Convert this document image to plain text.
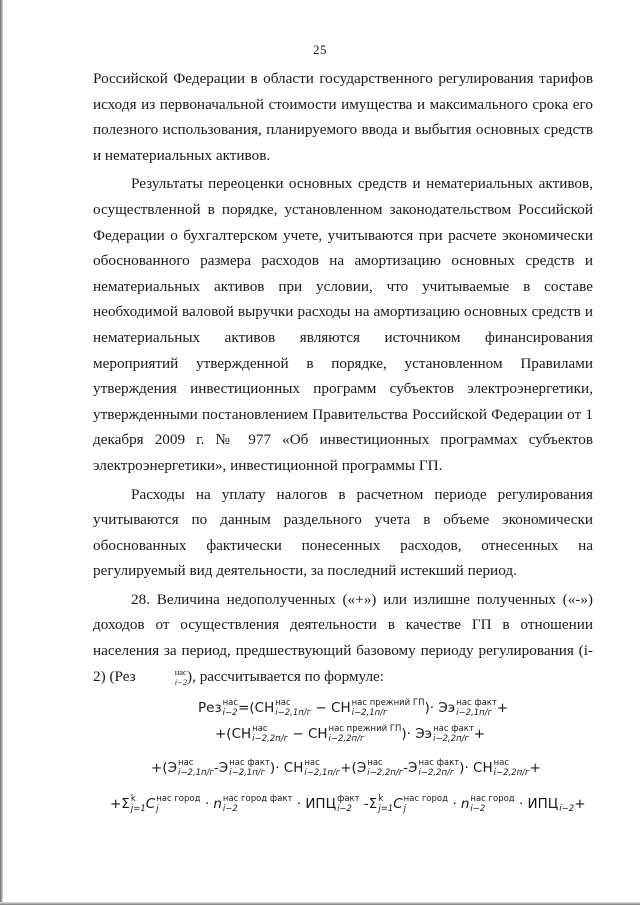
25

Российской Федерации в области государственного регулирования тарифов исходя из первоначальной стоимости имущества и максимального срока его полезного использования, планируемого ввода и выбытия основных средств и нематериальных активов.

Результаты переоценки основных средств и нематериальных активов, осуществленной в порядке, установленном законодательством Российской Федерации о бухгалтерском учете, учитываются при расчете экономически обоснованного размера расходов на амортизацию основных средств и нематериальных активов при условии, что учитываемые в составе необходимой валовой выручки расходы на амортизацию основных средств и нематериальных активов являются источником финансирования мероприятий утвержденной в порядке, установленном Правилами утверждения инвестиционных программ субъектов электроэнергетики, утвержденными постановлением Правительства Российской Федерации от 1 декабря 2009 г. № 977 «Об инвестиционных программах субъектов электроэнергетики», инвестиционной программы ГП.

Расходы на уплату налогов в расчетном периоде регулирования учитываются по данным раздельного учета в объеме экономически обоснованных фактически понесенных расходов, отнесенных на регулируемый вид деятельности, за последний истекший период.

28. Величина недополученных («+») или излишне полученных («-») доходов от осуществления деятельности в качестве ГП в отношении населения за период, предшествующий базовому периоду регулирования (i-2) (Рез	нас
i−2 ), рассчитывается по формуле:

Рез нас
i−2 =(СН нас
i−2,1п/г − СН нас прежний ГП
i−2,1п/г	)· Ээ нас факт
i−2,1п/г +
+(СН нас
i−2,2п/г − СН нас прежний ГП
i−2,2п/г	)· Ээ нас факт
i−2,2п/г +
+(Э нас
i−2,1п/г -Э нас факт
i−2,1п/г )· СН нас
i−2,1п/г +(Э нас
i−2,2п/г -Э нас факт
i−2,2п/г )· СН нас
i−2,2п/г +
+Σ k
j=1 C нас город
j	· n нас город факт
i−2	· ИПЦ факт
i−2 -Σ k
j=1 C нас город
j	· n нас город
i−2	· ИПЦ i−2 +
